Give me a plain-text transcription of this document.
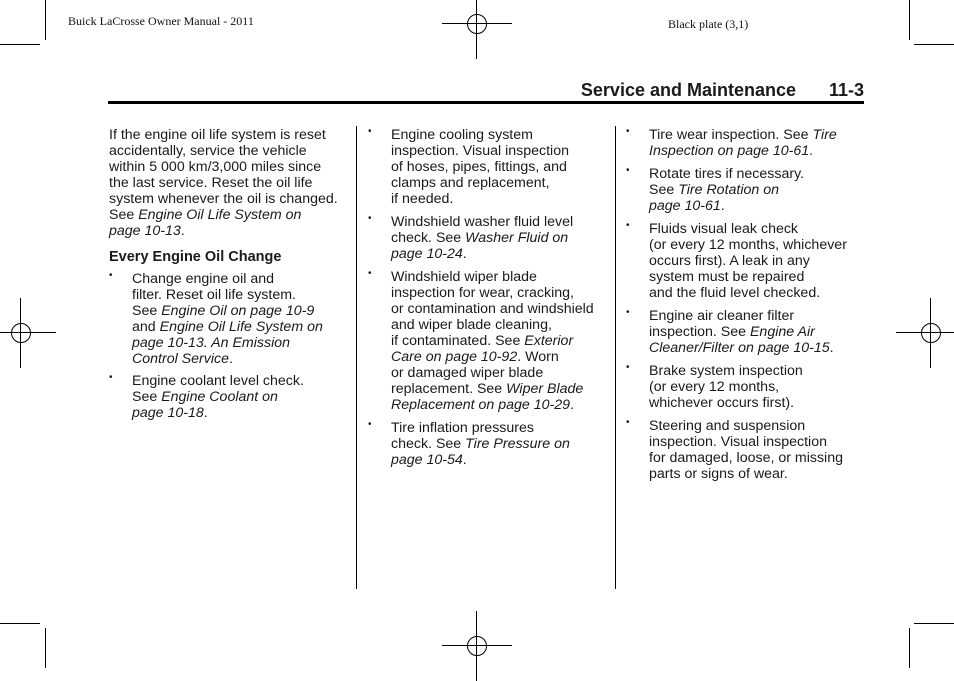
Buick LaCrosse Owner Manual - 2011	Black plate (3,1)
Service and Maintenance 11-3

If the engine oil life system is reset
accidentally, service the vehicle
within 5 000 km/3,000 miles since
the last service. Reset the oil life
system whenever the oil is changed.
See Engine Oil Life System on
page 10-13.

Every Engine Oil Change
• Change engine oil and
filter. Reset oil life system.
See Engine Oil on page 10-9
and Engine Oil Life System on
page 10-13. An Emission
Control Service.
• Engine coolant level check.
See Engine Coolant on
page 10-18.
• Engine cooling system
inspection. Visual inspection
of hoses, pipes, fittings, and
clamps and replacement,
if needed.
• Windshield washer fluid level
check. See Washer Fluid on
page 10-24.
• Windshield wiper blade
inspection for wear, cracking,
or contamination and windshield
and wiper blade cleaning,
if contaminated. See Exterior
Care on page 10-92. Worn
or damaged wiper blade
replacement. See Wiper Blade
Replacement on page 10-29.
• Tire inflation pressures
check. See Tire Pressure on
page 10-54.
• Tire wear inspection. See Tire
Inspection on page 10-61.
• Rotate tires if necessary.
See Tire Rotation on
page 10-61.
• Fluids visual leak check
(or every 12 months, whichever
occurs first). A leak in any
system must be repaired
and the fluid level checked.
• Engine air cleaner filter
inspection. See Engine Air
Cleaner/Filter on page 10-15.
• Brake system inspection
(or every 12 months,
whichever occurs first).
• Steering and suspension
inspection. Visual inspection
for damaged, loose, or missing
parts or signs of wear.
